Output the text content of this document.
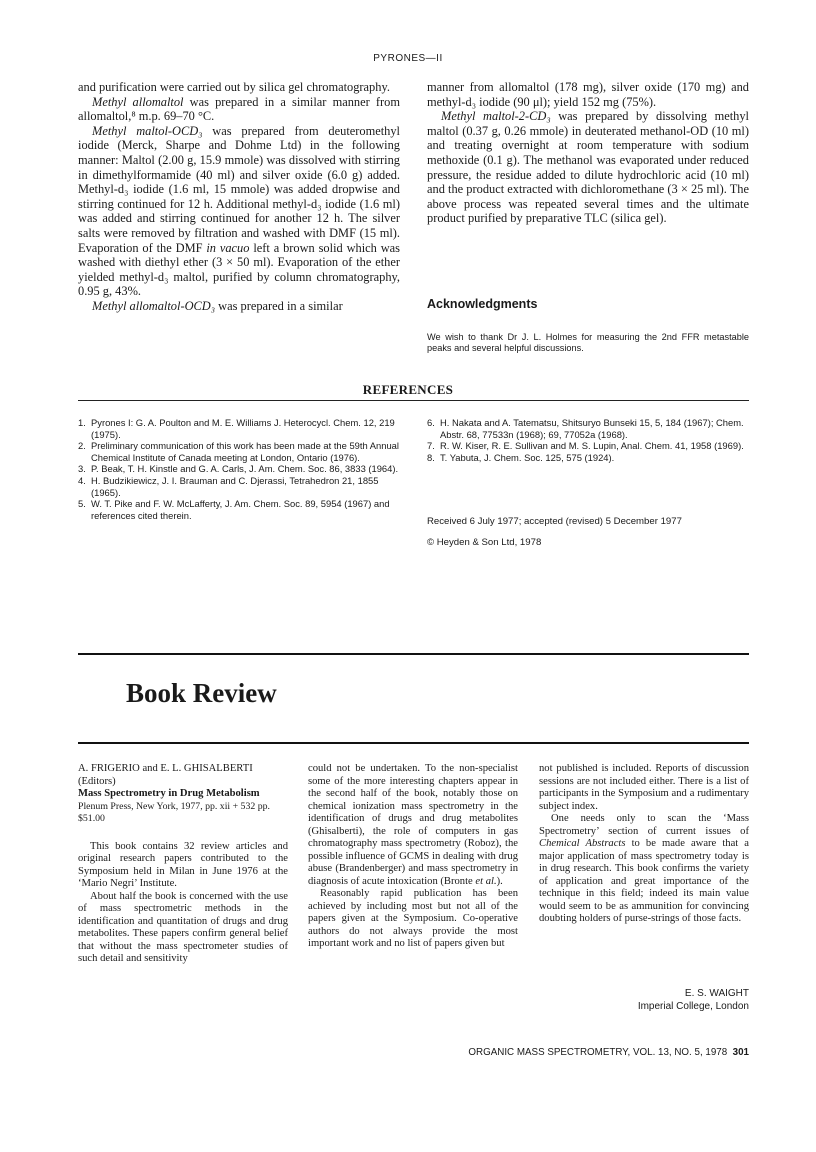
PYRONES—II

and purification were carried out by silica gel chromatography.

Methyl allomaltol was prepared in a similar manner from allomaltol,⁸ m.p. 69–70 °C.

Methyl maltol-OCD₃ was prepared from deuteromethyl iodide (Merck, Sharpe and Dohme Ltd) in the following manner: Maltol (2.00 g, 15.9 mmole) was dissolved with stirring in dimethylformamide (40 ml) and silver oxide (6.0 g) added. Methyl-d₃ iodide (1.6 ml, 15 mmole) was added dropwise and stirring continued for 12 h. Additional methyl-d₃ iodide (1.6 ml) was added and stirring continued for another 12 h. The silver salts were removed by filtration and washed with DMF (15 ml). Evaporation of the DMF in vacuo left a brown solid which was washed with diethyl ether (3 × 50 ml). Evaporation of the ether yielded methyl-d₃ maltol, purified by column chromatography, 0.95 g, 43%.

Methyl allomaltol-OCD₃ was prepared in a similar

manner from allomaltol (178 mg), silver oxide (170 mg) and methyl-d₃ iodide (90 μl); yield 152 mg (75%).

Methyl maltol-2-CD₃ was prepared by dissolving methyl maltol (0.37 g, 0.26 mmole) in deuterated methanol-OD (10 ml) and treating overnight at room temperature with sodium methoxide (0.1 g). The methanol was evaporated under reduced pressure, the residue added to dilute hydrochloric acid (10 ml) and the product extracted with dichloromethane (3 × 25 ml). The above process was repeated several times and the ultimate product purified by preparative TLC (silica gel).

Acknowledgments
We wish to thank Dr J. L. Holmes for measuring the 2nd FFR metastable peaks and several helpful discussions.
REFERENCES
1. Pyrones I: G. A. Poulton and M. E. Williams J. Heterocycl. Chem. 12, 219 (1975).
2. Preliminary communication of this work has been made at the 59th Annual Chemical Institute of Canada meeting at London, Ontario (1976).
3. P. Beak, T. H. Kinstle and G. A. Carls, J. Am. Chem. Soc. 86, 3833 (1964).
4. H. Budzikiewicz, J. I. Brauman and C. Djerassi, Tetrahedron 21, 1855 (1965).
5. W. T. Pike and F. W. McLafferty, J. Am. Chem. Soc. 89, 5954 (1967) and references cited therein.
6. H. Nakata and A. Tatematsu, Shitsuryo Bunseki 15, 5, 184 (1967); Chem. Abstr. 68, 77533n (1968); 69, 77052a (1968).
7. R. W. Kiser, R. E. Sullivan and M. S. Lupin, Anal. Chem. 41, 1958 (1969).
8. T. Yabuta, J. Chem. Soc. 125, 575 (1924).
Received 6 July 1977; accepted (revised) 5 December 1977
© Heyden & Son Ltd, 1978
Book Review

A. FRIGERIO and E. L. GHISALBERTI

(Editors)

Mass Spectrometry in Drug Metabolism

Plenum Press, New York, 1977, pp. xii + 532 pp. $51.00

This book contains 32 review articles and original research papers contributed to the Symposium held in Milan in June 1976 at the ‘Mario Negri’ Institute.

About half the book is concerned with the use of mass spectrometric methods in the identification and quantitation of drugs and drug metabolites. These papers confirm general belief that without the mass spectrometer studies of such detail and sensitivity

could not be undertaken. To the non-specialist some of the more interesting chapters appear in the second half of the book, notably those on chemical ionization mass spectrometry in the identification of drugs and drug metabolites (Ghisalberti), the role of computers in gas chromatography mass spectrometry (Roboz), the possible influence of GCMS in dealing with drug abuse (Brandenberger) and mass spectrometry in diagnosis of acute intoxication (Bronte et al.).

Reasonably rapid publication has been achieved by including most but not all of the papers given at the Symposium. Co-operative authors do not always provide the most important work and no list of papers given but

not published is included. Reports of discussion sessions are not included either. There is a list of participants in the Symposium and a rudimentary subject index.

One needs only to scan the ‘Mass Spectrometry’ section of current issues of Chemical Abstracts to be made aware that a major application of mass spectrometry today is in drug research. This book confirms the variety of application and great importance of the technique in this field; indeed its main value would seem to be as ammunition for convincing doubting holders of purse-strings of those facts.

E. S. WAIGHT
Imperial College, London
ORGANIC MASS SPECTROMETRY, VOL. 13, NO. 5, 1978 301
